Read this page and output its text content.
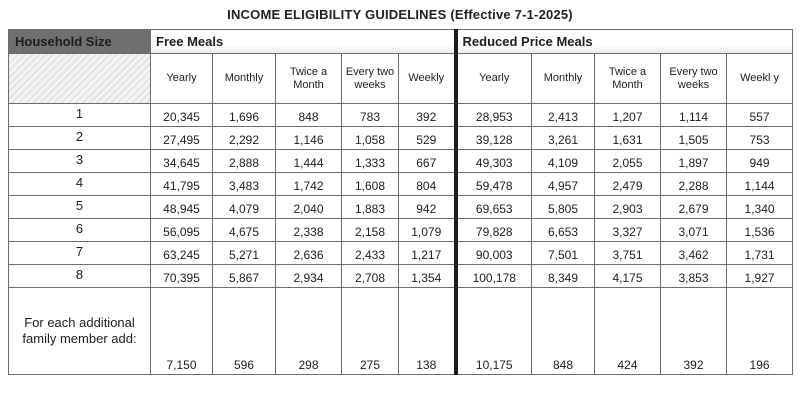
INCOME ELIGIBILITY GUIDELINES (Effective 7-1-2025)
Household Size	Free Meals					Reduced Price Meals				
	Yearly	Monthly	Twice a Month	Every two weeks	Weekly	Yearly	Monthly	Twice a Month	Every two weeks	Weekl y
1	20,345	1,696	848	783	392	28,953	2,413	1,207	1,114	557
2	27,495	2,292	1,146	1,058	529	39,128	3,261	1,631	1,505	753
3	34,645	2,888	1,444	1,333	667	49,303	4,109	2,055	1,897	949
4	41,795	3,483	1,742	1,608	804	59,478	4,957	2,479	2,288	1,144
5	48,945	4,079	2,040	1,883	942	69,653	5,805	2,903	2,679	1,340
6	56,095	4,675	2,338	2,158	1,079	79,828	6,653	3,327	3,071	1,536
7	63,245	5,271	2,636	2,433	1,217	90,003	7,501	3,751	3,462	1,731
8	70,395	5,867	2,934	2,708	1,354	100,178	8,349	4,175	3,853	1,927
For each additional family member add:	7,150	596	298	275	138	10,175	848	424	392	196
